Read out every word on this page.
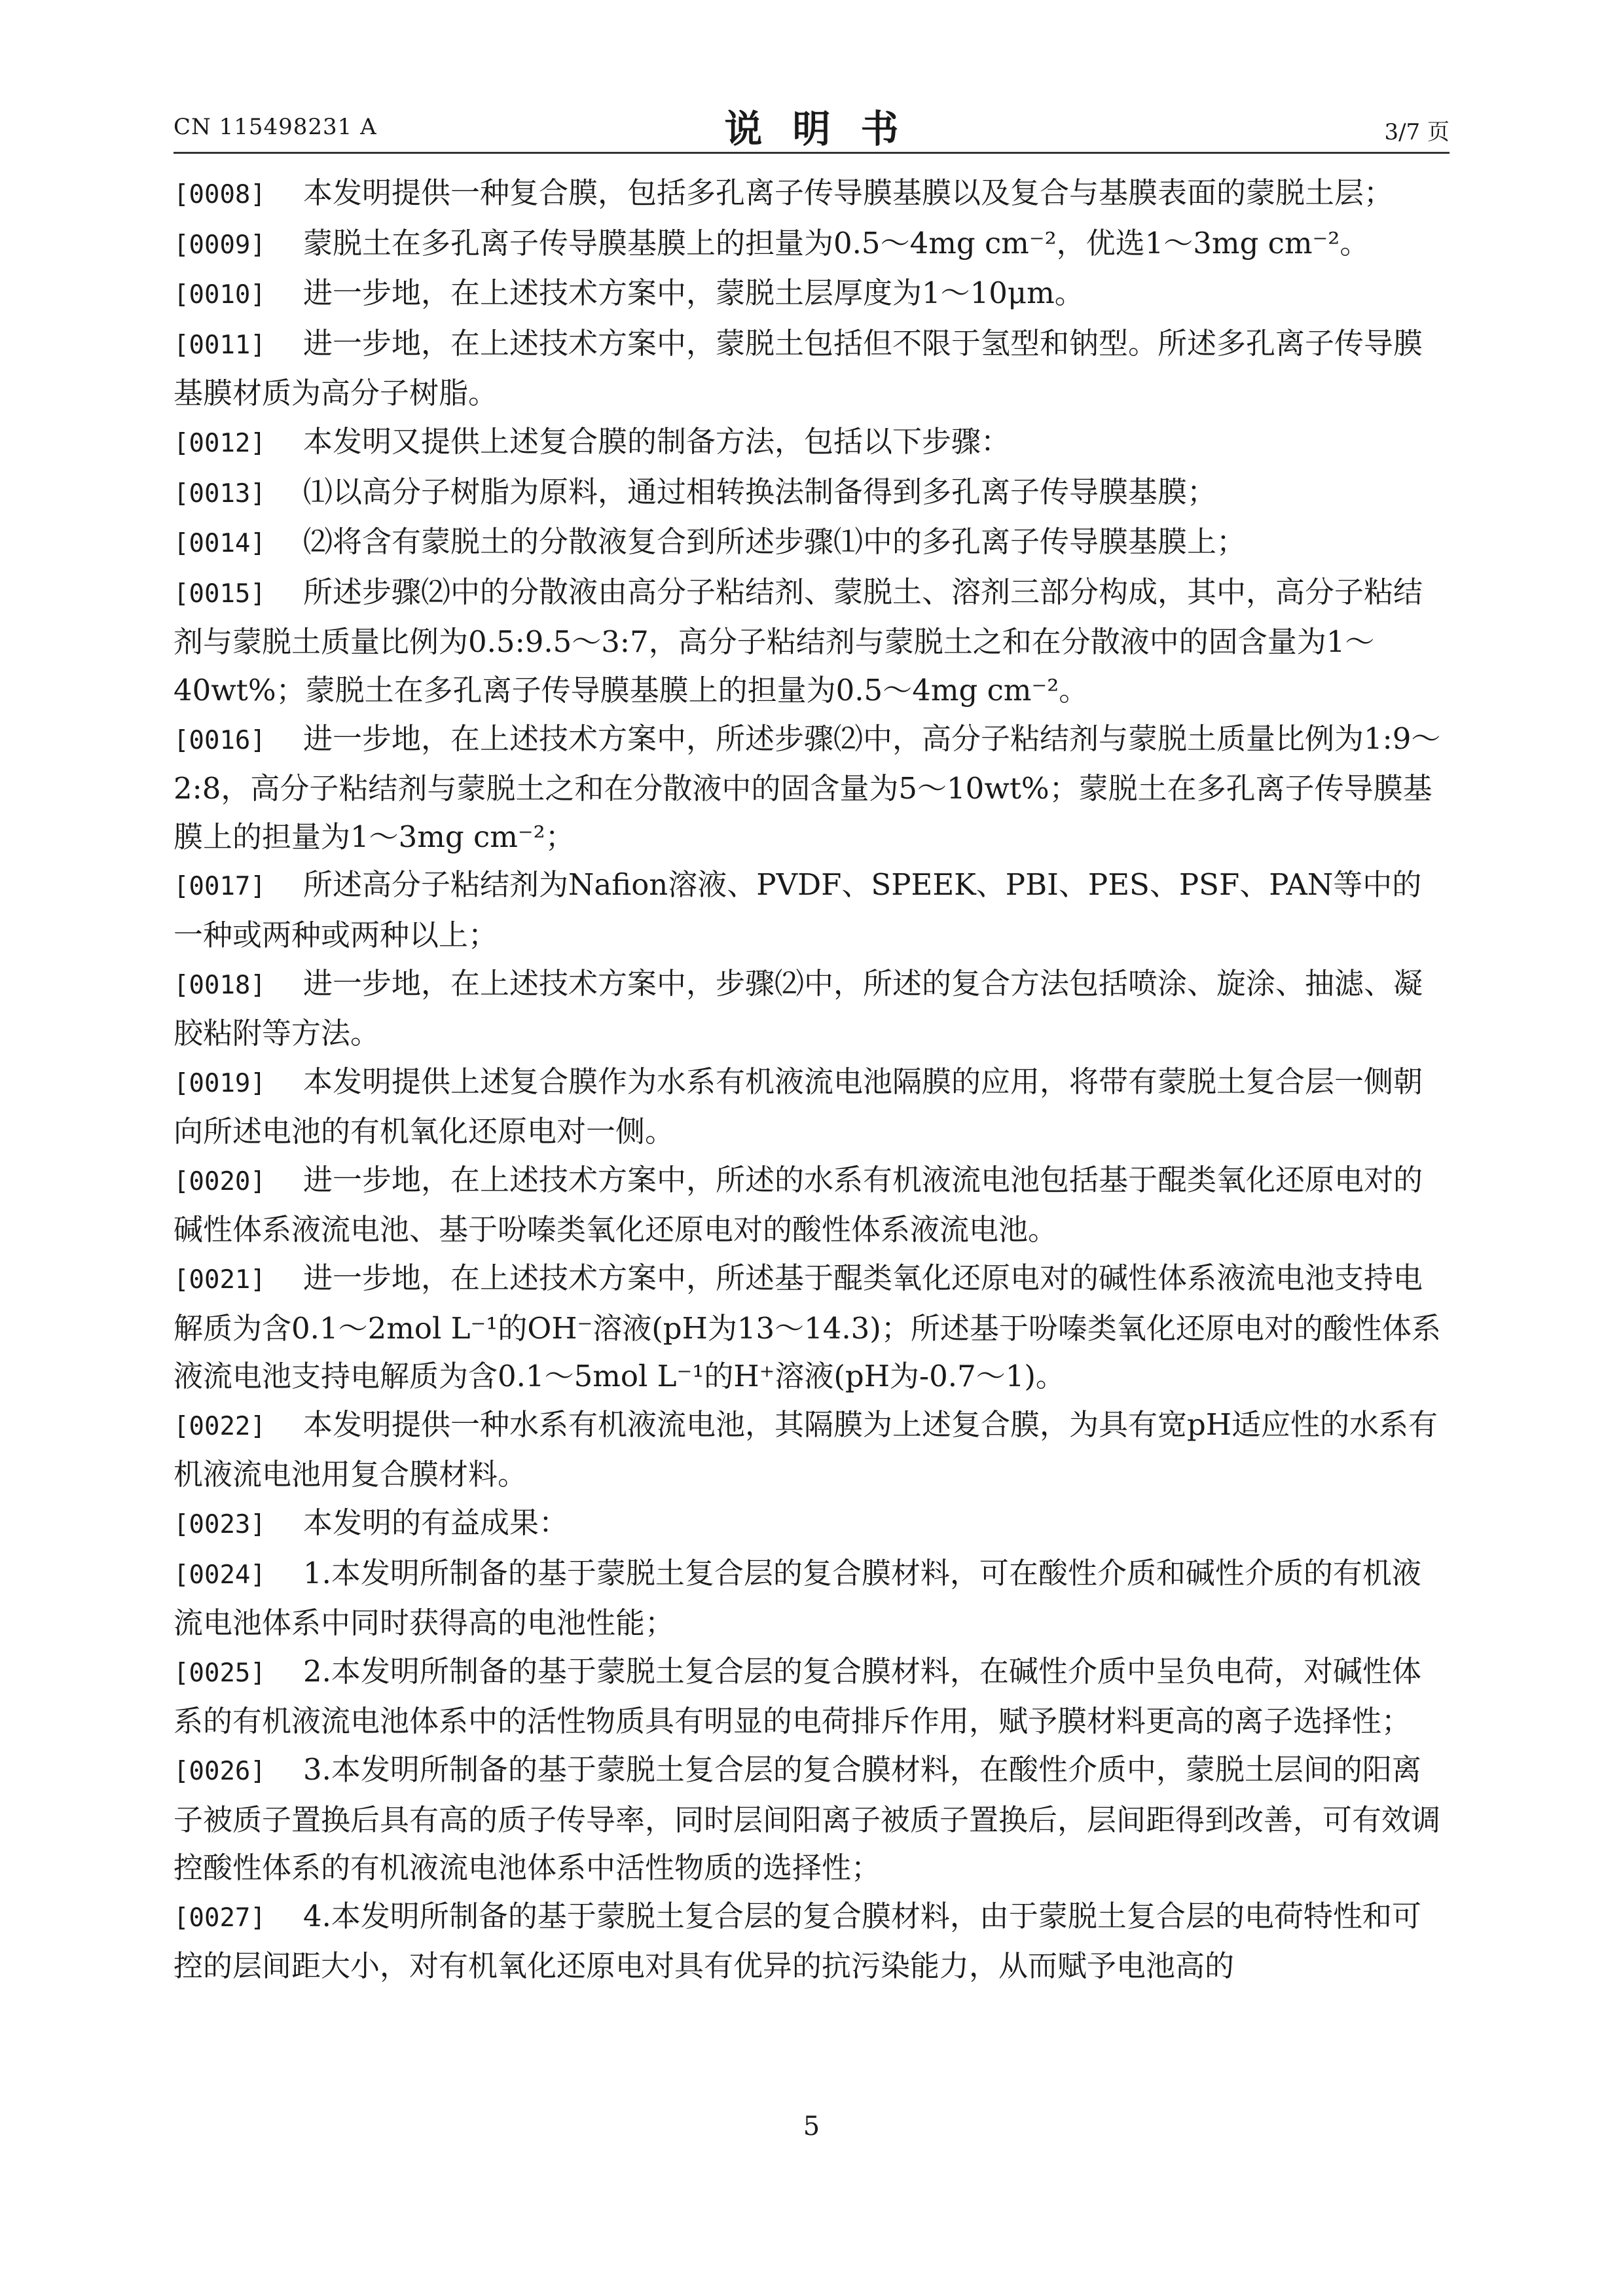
CN 115498231 A	说明书	3/7 页

[0008] 本发明提供一种复合膜，包括多孔离子传导膜基膜以及复合与基膜表面的蒙脱土层；

[0009] 蒙脱土在多孔离子传导膜基膜上的担量为0.5～4mg cm⁻²，优选1～3mg cm⁻²。

[0010] 进一步地，在上述技术方案中，蒙脱土层厚度为1～10μm。

[0011] 进一步地，在上述技术方案中，蒙脱土包括但不限于氢型和钠型。所述多孔离子传导膜基膜材质为高分子树脂。

[0012] 本发明又提供上述复合膜的制备方法，包括以下步骤：

[0013] ⑴以高分子树脂为原料，通过相转换法制备得到多孔离子传导膜基膜；

[0014] ⑵将含有蒙脱土的分散液复合到所述步骤⑴中的多孔离子传导膜基膜上；

[0015] 所述步骤⑵中的分散液由高分子粘结剂、蒙脱土、溶剂三部分构成，其中，高分子粘结剂与蒙脱土质量比例为0.5:9.5～3:7，高分子粘结剂与蒙脱土之和在分散液中的固含量为1～40wt%；蒙脱土在多孔离子传导膜基膜上的担量为0.5～4mg cm⁻²。

[0016] 进一步地，在上述技术方案中，所述步骤⑵中，高分子粘结剂与蒙脱土质量比例为1:9～2:8，高分子粘结剂与蒙脱土之和在分散液中的固含量为5～10wt%；蒙脱土在多孔离子传导膜基膜上的担量为1～3mg cm⁻²；

[0017] 所述高分子粘结剂为Nafion溶液、PVDF、SPEEK、PBI、PES、PSF、PAN等中的一种或两种或两种以上；

[0018] 进一步地，在上述技术方案中，步骤⑵中，所述的复合方法包括喷涂、旋涂、抽滤、凝胶粘附等方法。

[0019] 本发明提供上述复合膜作为水系有机液流电池隔膜的应用，将带有蒙脱土复合层一侧朝向所述电池的有机氧化还原电对一侧。

[0020] 进一步地，在上述技术方案中，所述的水系有机液流电池包括基于醌类氧化还原电对的碱性体系液流电池、基于吩嗪类氧化还原电对的酸性体系液流电池。

[0021] 进一步地，在上述技术方案中，所述基于醌类氧化还原电对的碱性体系液流电池支持电解质为含0.1～2mol L⁻¹的OH⁻溶液(pH为13～14.3)；所述基于吩嗪类氧化还原电对的酸性体系液流电池支持电解质为含0.1～5mol L⁻¹的H⁺溶液(pH为-0.7～1)。

[0022] 本发明提供一种水系有机液流电池，其隔膜为上述复合膜，为具有宽pH适应性的水系有机液流电池用复合膜材料。

[0023] 本发明的有益成果：

[0024] 1.本发明所制备的基于蒙脱土复合层的复合膜材料，可在酸性介质和碱性介质的有机液流电池体系中同时获得高的电池性能；

[0025] 2.本发明所制备的基于蒙脱土复合层的复合膜材料，在碱性介质中呈负电荷，对碱性体系的有机液流电池体系中的活性物质具有明显的电荷排斥作用，赋予膜材料更高的离子选择性；

[0026] 3.本发明所制备的基于蒙脱土复合层的复合膜材料，在酸性介质中，蒙脱土层间的阳离子被质子置换后具有高的质子传导率，同时层间阳离子被质子置换后，层间距得到改善，可有效调控酸性体系的有机液流电池体系中活性物质的选择性；

[0027] 4.本发明所制备的基于蒙脱土复合层的复合膜材料，由于蒙脱土复合层的电荷特性和可控的层间距大小，对有机氧化还原电对具有优异的抗污染能力，从而赋予电池高的

5
